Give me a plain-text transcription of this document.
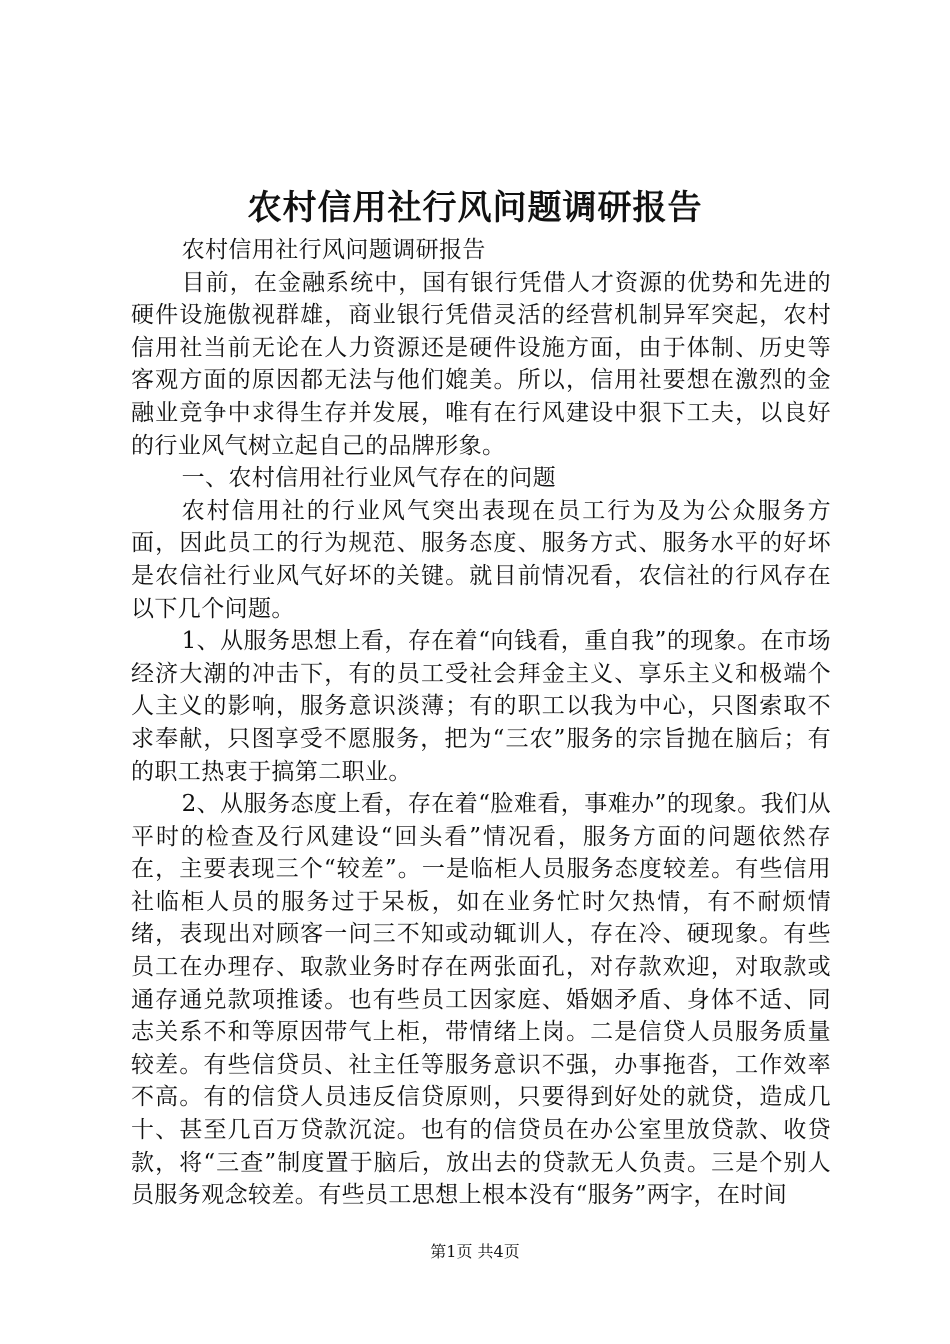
农村信用社行风问题调研报告

农村信用社行风问题调研报告

目前，在金融系统中，国有银行凭借人才资源的优势和先进的硬件设施傲视群雄，商业银行凭借灵活的经营机制异军突起，农村信用社当前无论在人力资源还是硬件设施方面，由于体制、历史等客观方面的原因都无法与他们媲美。所以，信用社要想在激烈的金融业竞争中求得生存并发展，唯有在行风建设中狠下工夫，以良好的行业风气树立起自己的品牌形象。

一、农村信用社行业风气存在的问题

农村信用社的行业风气突出表现在员工行为及为公众服务方面，因此员工的行为规范、服务态度、服务方式、服务水平的好坏是农信社行业风气好坏的关键。就目前情况看，农信社的行风存在以下几个问题。

1、从服务思想上看，存在着“向钱看，重自我”的现象。在市场经济大潮的冲击下，有的员工受社会拜金主义、享乐主义和极端个人主义的影响，服务意识淡薄；有的职工以我为中心，只图索取不求奉献，只图享受不愿服务，把为“三农”服务的宗旨抛在脑后；有的职工热衷于搞第二职业。

2、从服务态度上看，存在着“脸难看，事难办”的现象。我们从平时的检查及行风建设“回头看”情况看，服务方面的问题依然存在，主要表现三个“较差”。一是临柜人员服务态度较差。有些信用社临柜人员的服务过于呆板，如在业务忙时欠热情，有不耐烦情绪，表现出对顾客一问三不知或动辄训人，存在冷、硬现象。有些员工在办理存、取款业务时存在两张面孔，对存款欢迎，对取款或通存通兑款项推诿。也有些员工因家庭、婚姻矛盾、身体不适、同志关系不和等原因带气上柜，带情绪上岗。二是信贷人员服务质量较差。有些信贷员、社主任等服务意识不强，办事拖沓，工作效率不高。有的信贷人员违反信贷原则，只要得到好处的就贷，造成几十、甚至几百万贷款沉淀。也有的信贷员在办公室里放贷款、收贷款，将“三查”制度置于脑后，放出去的贷款无人负责。三是个别人员服务观念较差。有些员工思想上根本没有“服务”两字，在时间

第1页 共4页
